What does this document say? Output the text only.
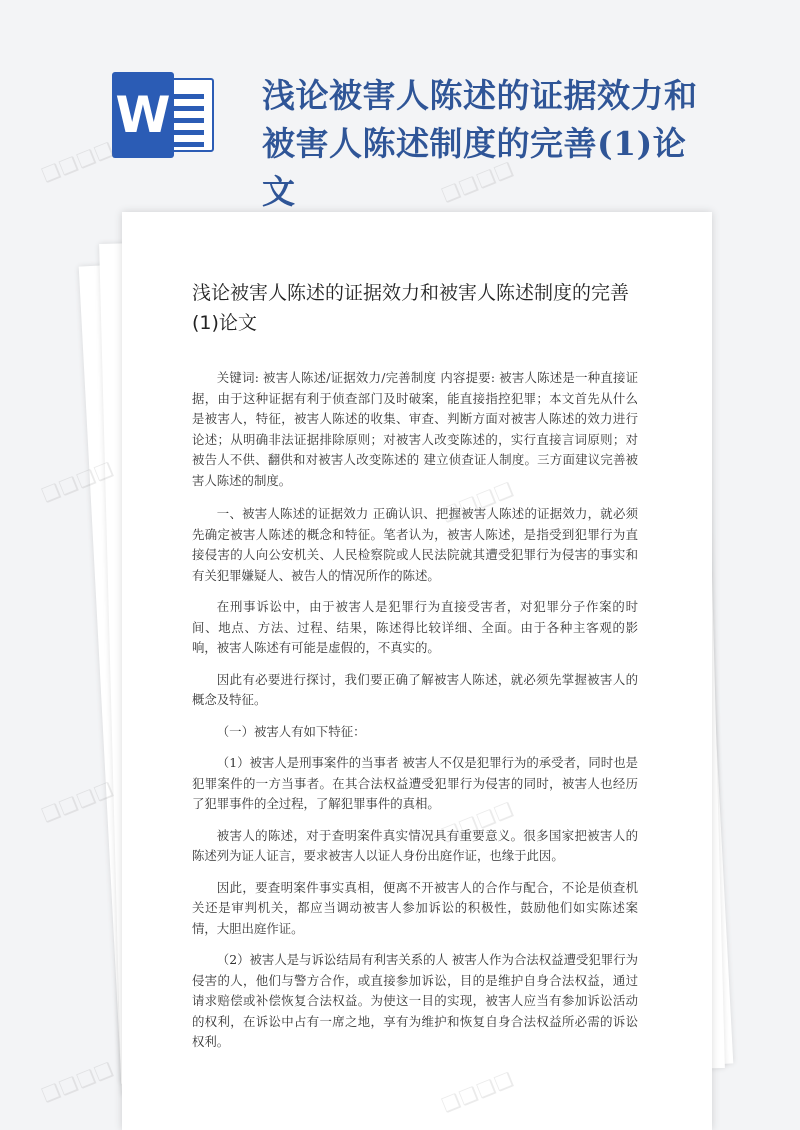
W	浅论被害人陈述的证据效力和被害人陈述制度的完善(1)论文
浅论被害人陈述的证据效力和被害人陈述制度的完善(1)论文

关键词: 被害人陈述/证据效力/完善制度 内容提要: 被害人陈述是一种直接证据，由于这种证据有利于侦查部门及时破案，能直接指控犯罪；本文首先从什么是被害人，特征，被害人陈述的收集、审查、判断方面对被害人陈述的效力进行论述；从明确非法证据排除原则；对被害人改变陈述的，实行直接言词原则；对被告人不供、翻供和对被害人改变陈述的 建立侦查证人制度。三方面建议完善被害人陈述的制度。

一、被害人陈述的证据效力 正确认识、把握被害人陈述的证据效力，就必须先确定被害人陈述的概念和特征。笔者认为，被害人陈述，是指受到犯罪行为直接侵害的人向公安机关、人民检察院或人民法院就其遭受犯罪行为侵害的事实和有关犯罪嫌疑人、被告人的情况所作的陈述。

在刑事诉讼中，由于被害人是犯罪行为直接受害者，对犯罪分子作案的时间、地点、方法、过程、结果，陈述得比较详细、全面。由于各种主客观的影响，被害人陈述有可能是虚假的，不真实的。

因此有必要进行探讨，我们要正确了解被害人陈述，就必须先掌握被害人的概念及特征。

（一）被害人有如下特征：

（1）被害人是刑事案件的当事者 被害人不仅是犯罪行为的承受者，同时也是犯罪案件的一方当事者。在其合法权益遭受犯罪行为侵害的同时，被害人也经历了犯罪事件的全过程，了解犯罪事件的真相。

被害人的陈述，对于查明案件真实情况具有重要意义。很多国家把被害人的陈述列为证人证言，要求被害人以证人身份出庭作证，也缘于此因。

因此，要查明案件事实真相，便离不开被害人的合作与配合，不论是侦查机关还是审判机关，都应当调动被害人参加诉讼的积极性，鼓励他们如实陈述案情，大胆出庭作证。

（2）被害人是与诉讼结局有利害关系的人 被害人作为合法权益遭受犯罪行为侵害的人，他们与警方合作，或直接参加诉讼，目的是维护自身合法权益，通过请求赔偿或补偿恢复合法权益。为使这一目的实现，被害人应当有参加诉讼活动的权利，在诉讼中占有一席之地，享有为维护和恢复自身合法权益所必需的诉讼权利。

❑❑❑❑	❑❑❑❑
❑❑❑❑
❑❑❑❑
❑❑❑❑
